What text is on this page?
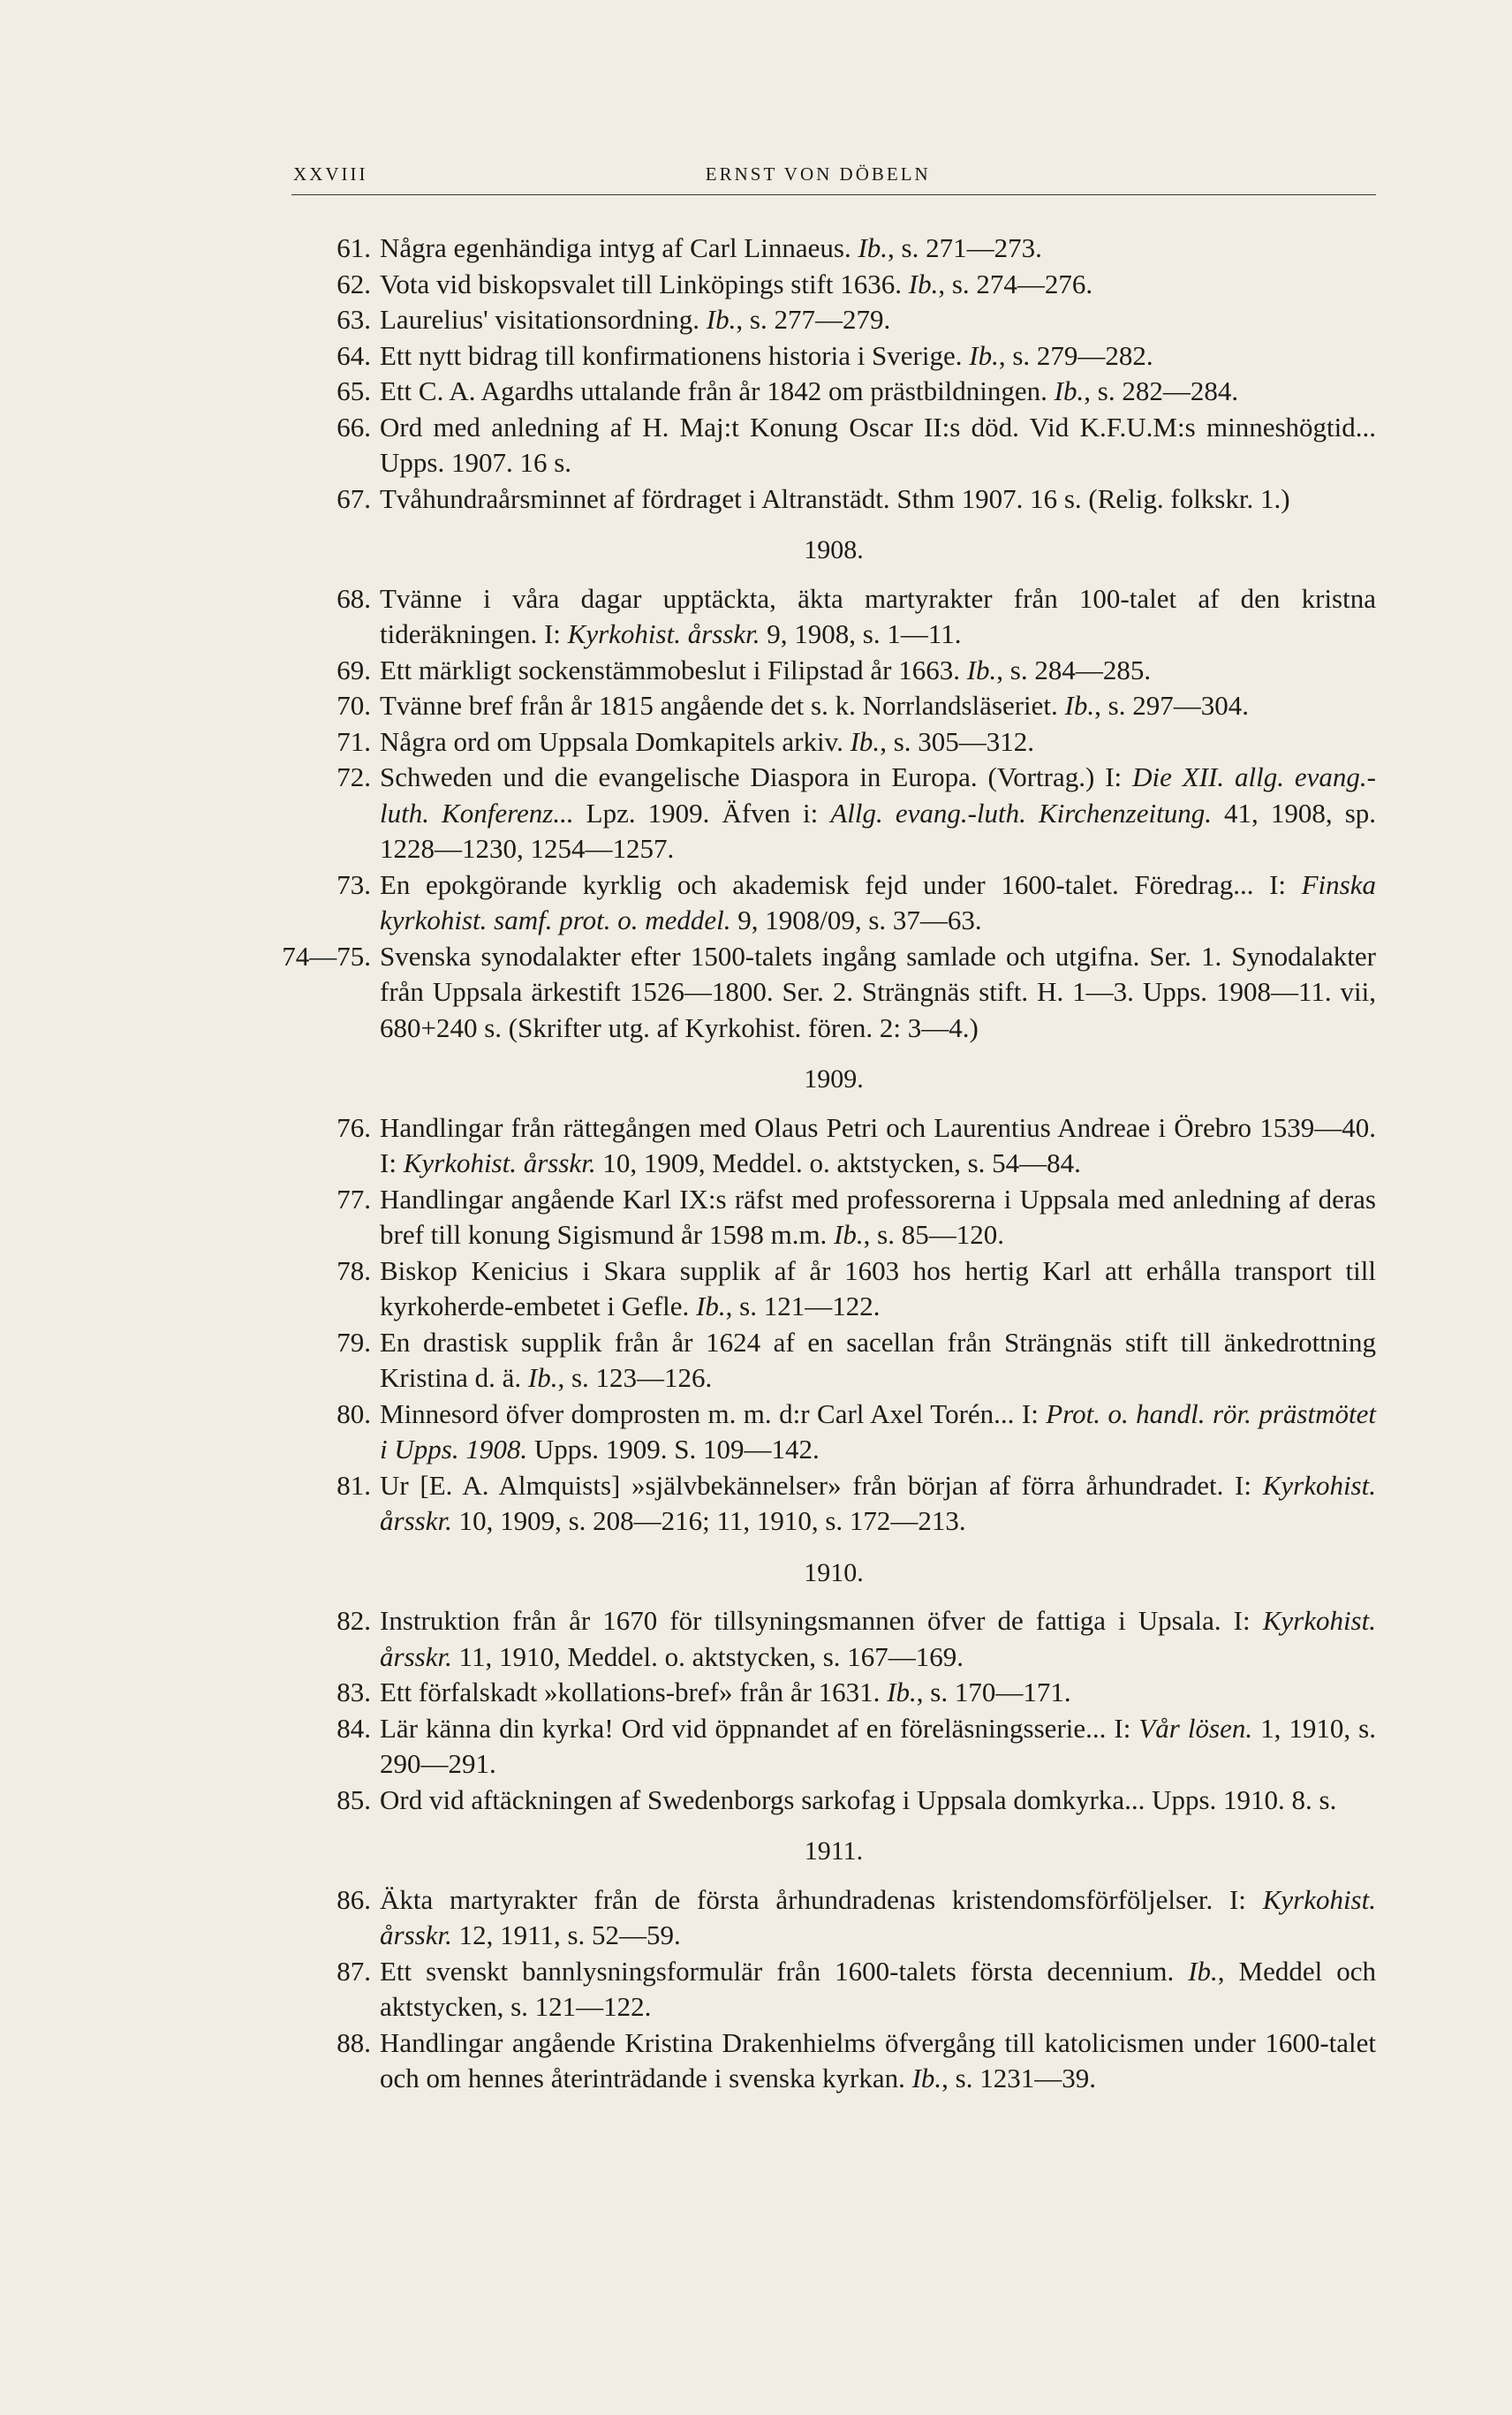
XXVIII	ERNST VON DÖBELN
61. Några egenhändiga intyg af Carl Linnaeus. Ib., s. 271—273.
62. Vota vid biskopsvalet till Linköpings stift 1636. Ib., s. 274—276.
63. Laurelius' visitationsordning. Ib., s. 277—279.
64. Ett nytt bidrag till konfirmationens historia i Sverige. Ib., s. 279—282.
65. Ett C. A. Agardhs uttalande från år 1842 om prästbildningen. Ib., s. 282—284.
66. Ord med anledning af H. Maj:t Konung Oscar II:s död. Vid K.F.U.M:s minneshögtid... Upps. 1907. 16 s.
67. Tvåhundraårsminnet af fördraget i Altranstädt. Sthm 1907. 16 s. (Relig. folkskr. 1.)
1908.
68. Tvänne i våra dagar upptäckta, äkta martyrakter från 100-talet af den kristna tideräkningen. I: Kyrkohist. årsskr. 9, 1908, s. 1—11.
69. Ett märkligt sockenstämmobeslut i Filipstad år 1663. Ib., s. 284—285.
70. Tvänne bref från år 1815 angående det s. k. Norrlandsläseriet. Ib., s. 297—304.
71. Några ord om Uppsala Domkapitels arkiv. Ib., s. 305—312.
72. Schweden und die evangelische Diaspora in Europa. (Vortrag.) I: Die XII. allg. evang.-luth. Konferenz... Lpz. 1909. Äfven i: Allg. evang.-luth. Kirchenzeitung. 41, 1908, sp. 1228—1230, 1254—1257.
73. En epokgörande kyrklig och akademisk fejd under 1600-talet. Föredrag... I: Finska kyrkohist. samf. prot. o. meddel. 9, 1908/09, s. 37—63.
74—75. Svenska synodalakter efter 1500-talets ingång samlade och utgifna. Ser. 1. Synodalakter från Uppsala ärkestift 1526—1800. Ser. 2. Strängnäs stift. H. 1—3. Upps. 1908—11. vii, 680+240 s. (Skrifter utg. af Kyrkohist. fören. 2: 3—4.)
1909.
76. Handlingar från rättegången med Olaus Petri och Laurentius Andreae i Örebro 1539—40. I: Kyrkohist. årsskr. 10, 1909, Meddel. o. aktstycken, s. 54—84.
77. Handlingar angående Karl IX:s räfst med professorerna i Uppsala med anledning af deras bref till konung Sigismund år 1598 m.m. Ib., s. 85—120.
78. Biskop Kenicius i Skara supplik af år 1603 hos hertig Karl att erhålla transport till kyrkoherde-embetet i Gefle. Ib., s. 121—122.
79. En drastisk supplik från år 1624 af en sacellan från Strängnäs stift till änkedrottning Kristina d. ä. Ib., s. 123—126.
80. Minnesord öfver domprosten m. m. d:r Carl Axel Torén... I: Prot. o. handl. rör. prästmötet i Upps. 1908. Upps. 1909. S. 109—142.
81. Ur [E. A. Almquists] »självbekännelser» från början af förra århundradet. I: Kyrkohist. årsskr. 10, 1909, s. 208—216; 11, 1910, s. 172—213.
1910.
82. Instruktion från år 1670 för tillsyningsmannen öfver de fattiga i Upsala. I: Kyrkohist. årsskr. 11, 1910, Meddel. o. aktstycken, s. 167—169.
83. Ett förfalskadt »kollations-bref» från år 1631. Ib., s. 170—171.
84. Lär känna din kyrka! Ord vid öppnandet af en föreläsningsserie... I: Vår lösen. 1, 1910, s. 290—291.
85. Ord vid aftäckningen af Swedenborgs sarkofag i Uppsala domkyrka... Upps. 1910. 8. s.
1911.
86. Äkta martyrakter från de första århundradenas kristendomsförföljelser. I: Kyrkohist. årsskr. 12, 1911, s. 52—59.
87. Ett svenskt bannlysningsformulär från 1600-talets första decennium. Ib., Meddel och aktstycken, s. 121—122.
88. Handlingar angående Kristina Drakenhielms öfvergång till katolicismen under 1600-talet och om hennes återinträdande i svenska kyrkan. Ib., s. 1231—39.
